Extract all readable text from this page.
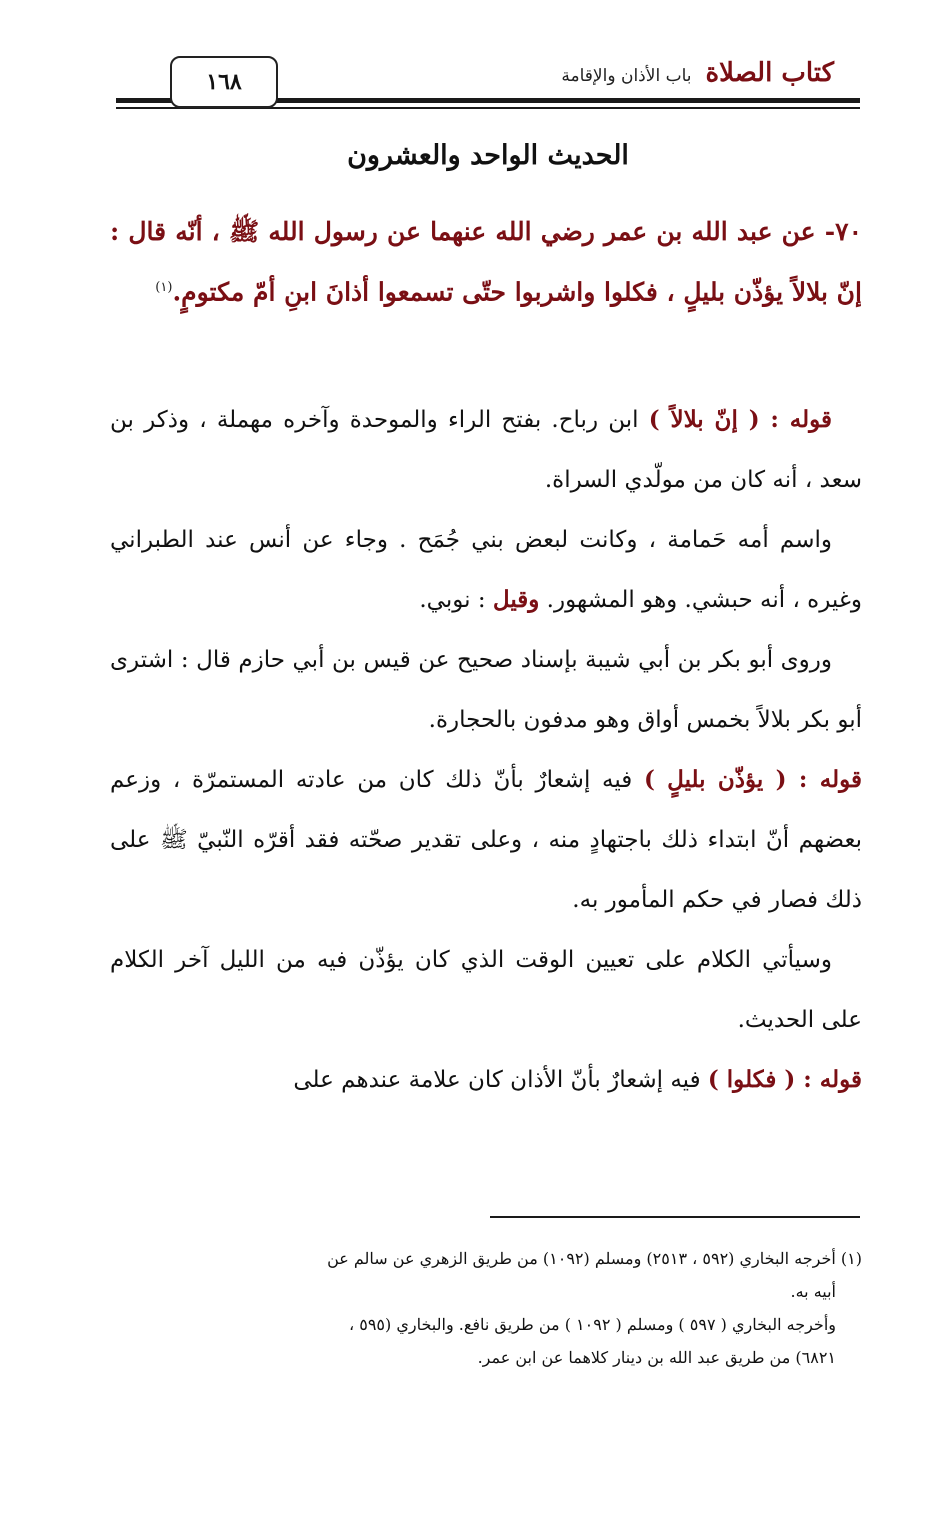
كتاب الصلاة
باب الأذان والإقامة
١٦٨
الحديث الواحد والعشرون
٧٠- عن عبد الله بن عمر رضي الله عنهما عن رسول الله ﷺ ، أنّه قال : إنّ بلالاً يؤذّن بليلٍ ، فكلوا واشربوا حتّى تسمعوا أذانَ ابنِ أمّ مكتومٍ.$^{(١)}$

قوله : ( إنّ بلالاً ) ابن رباح. بفتح الراء والموحدة وآخره مهملة ، وذكر بن سعد ، أنه كان من مولّدي السراة.

واسم أمه حَمامة ، وكانت لبعض بني جُمَح . وجاء عن أنس عند الطبراني وغيره ، أنه حبشي. وهو المشهور. وقيل : نوبي.

وروى أبو بكر بن أبي شيبة بإسناد صحيح عن قيس بن أبي حازم قال : اشترى أبو بكر بلالاً بخمس أواق وهو مدفون بالحجارة.

قوله : ( يؤذّن بليلٍ ) فيه إشعارٌ بأنّ ذلك كان من عادته المستمرّة ، وزعم بعضهم أنّ ابتداء ذلك باجتهادٍ منه ، وعلى تقدير صحّته فقد أقرّه النّبيّ ﷺ على ذلك فصار في حكم المأمور به.

وسيأتي الكلام على تعيين الوقت الذي كان يؤذّن فيه من الليل آخر الكلام على الحديث.

قوله : ( فكلوا ) فيه إشعارٌ بأنّ الأذان كان علامة عندهم على

(١) أخرجه البخاري (٥٩٢ ، ٢٥١٣) ومسلم (١٠٩٢) من طريق الزهري عن سالم عن

أبيه به.

وأخرجه البخاري ( ٥٩٧ ) ومسلم ( ١٠٩٢ ) من طريق نافع. والبخاري (٥٩٥ ،

٦٨٢١) من طريق عبد الله بن دينار كلاهما عن ابن عمر.
